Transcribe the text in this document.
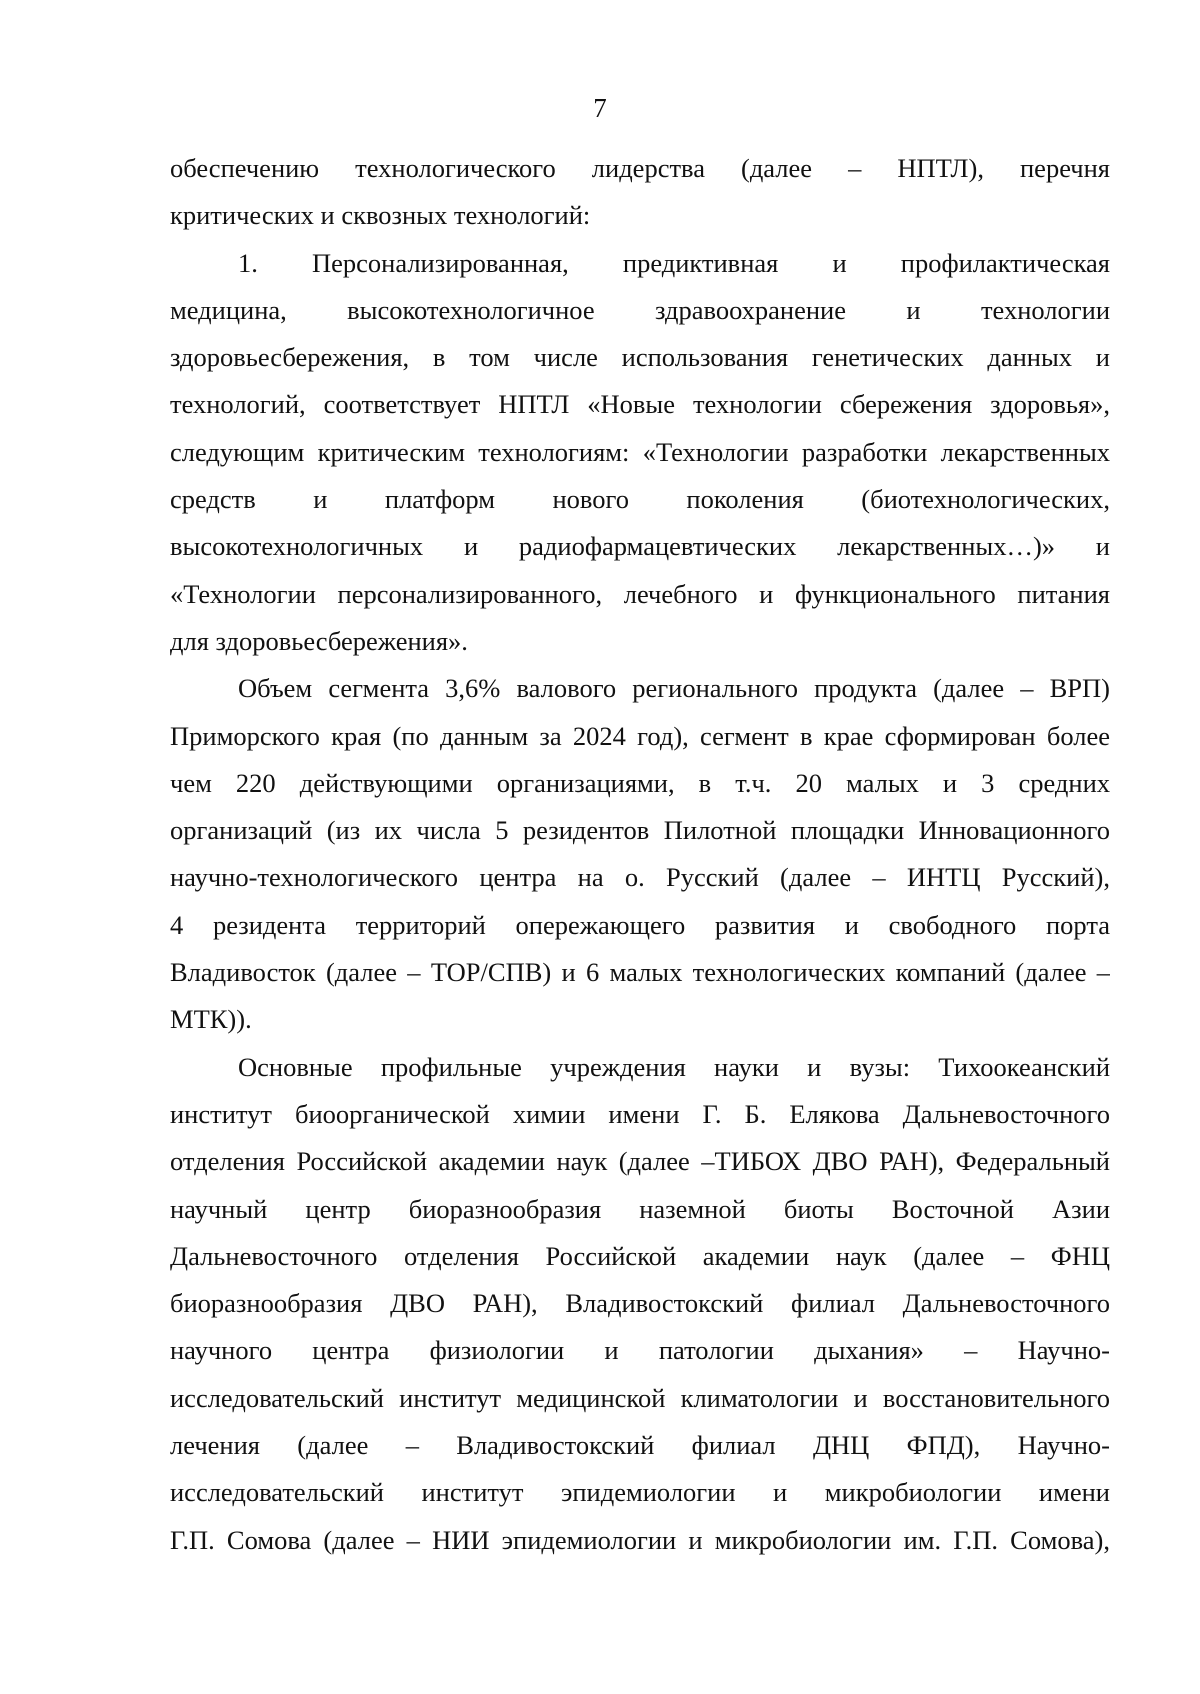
7
обеспечению технологического лидерства (далее – НПТЛ), перечня
критических и сквозных технологий:
1. Персонализированная, предиктивная и профилактическая
медицина, высокотехнологичное здравоохранение и технологии
здоровьесбережения, в том числе использования генетических данных и
технологий, соответствует НПТЛ «Новые технологии сбережения здоровья»,
следующим критическим технологиям: «Технологии разработки лекарственных
средств и платформ нового поколения (биотехнологических,
высокотехнологичных и радиофармацевтических лекарственных…)» и
«Технологии персонализированного, лечебного и функционального питания
для здоровьесбережения».
Объем сегмента 3,6% валового регионального продукта (далее – ВРП)
Приморского края (по данным за 2024 год), сегмент в крае сформирован более
чем 220 действующими организациями, в т.ч. 20 малых и 3 средних
организаций (из их числа 5 резидентов Пилотной площадки Инновационного
научно-технологического центра на о. Русский (далее – ИНТЦ Русский),
4 резидента территорий опережающего развития и свободного порта
Владивосток (далее – ТОР/СПВ) и 6 малых технологических компаний (далее –
МТК)).
Основные профильные учреждения науки и вузы: Тихоокеанский
институт биоорганической химии имени Г. Б. Елякова Дальневосточного
отделения Российской академии наук (далее –ТИБОХ ДВО РАН), Федеральный
научный центр биоразнообразия наземной биоты Восточной Азии
Дальневосточного отделения Российской академии наук (далее – ФНЦ
биоразнообразия ДВО РАН), Владивостокский филиал Дальневосточного
научного центра физиологии и патологии дыхания» – Научно-
исследовательский институт медицинской климатологии и восстановительного
лечения (далее – Владивостокский филиал ДНЦ ФПД), Научно-
исследовательский институт эпидемиологии и микробиологии имени
Г.П. Сомова (далее – НИИ эпидемиологии и микробиологии им. Г.П. Сомова),
